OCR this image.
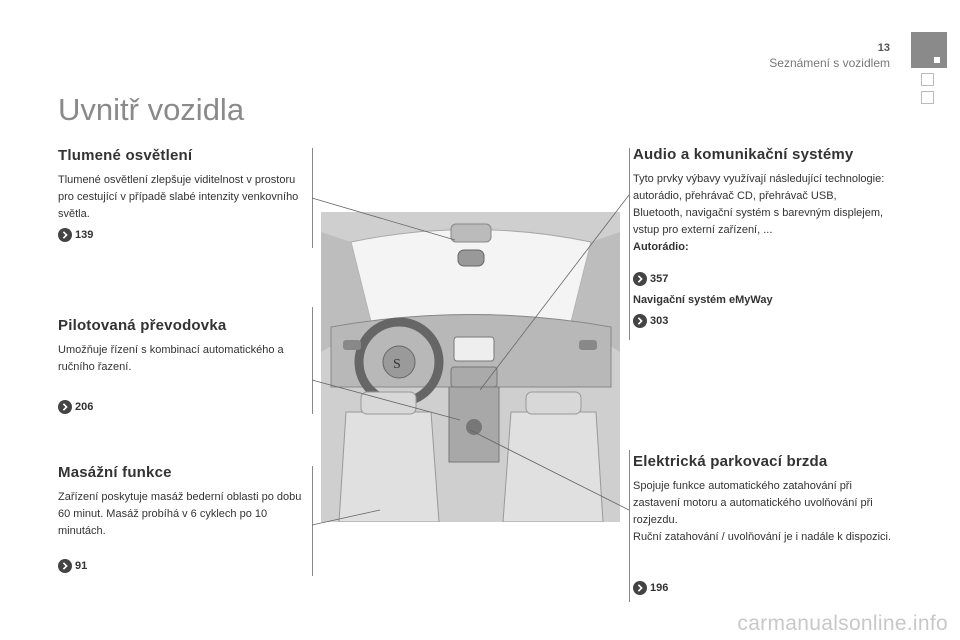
13
Seznámení s vozidlem
Uvnitř vozidla
Tlumené osvětlení

Tlumené osvětlení zlepšuje viditelnost v prostoru pro cestující v případě slabé intenzity venkovního světla.

139
Pilotovaná převodovka

Umožňuje řízení s kombinací automatického a ručního řazení.

206
Masážní funkce

Zařízení poskytuje masáž bederní oblasti po dobu 60 minut. Masáž probíhá v 6 cyklech po 10 minutách.

91
Audio a komunikační systémy

Tyto prvky výbavy využívají následující technologie: autorádio, přehrávač CD, přehrávač USB, Bluetooth, navigační systém s barevným displejem, vstup pro externí zařízení, ...

Autorádio:

357

Navigační systém eMyWay

303
Elektrická parkovací brzda

Spojuje funkce automatického zatahování při zastavení motoru a automatického uvolňování při rozjezdu.

Ruční zatahování / uvolňování je i nadále k dispozici.

196
S
carmanualsonline.info
